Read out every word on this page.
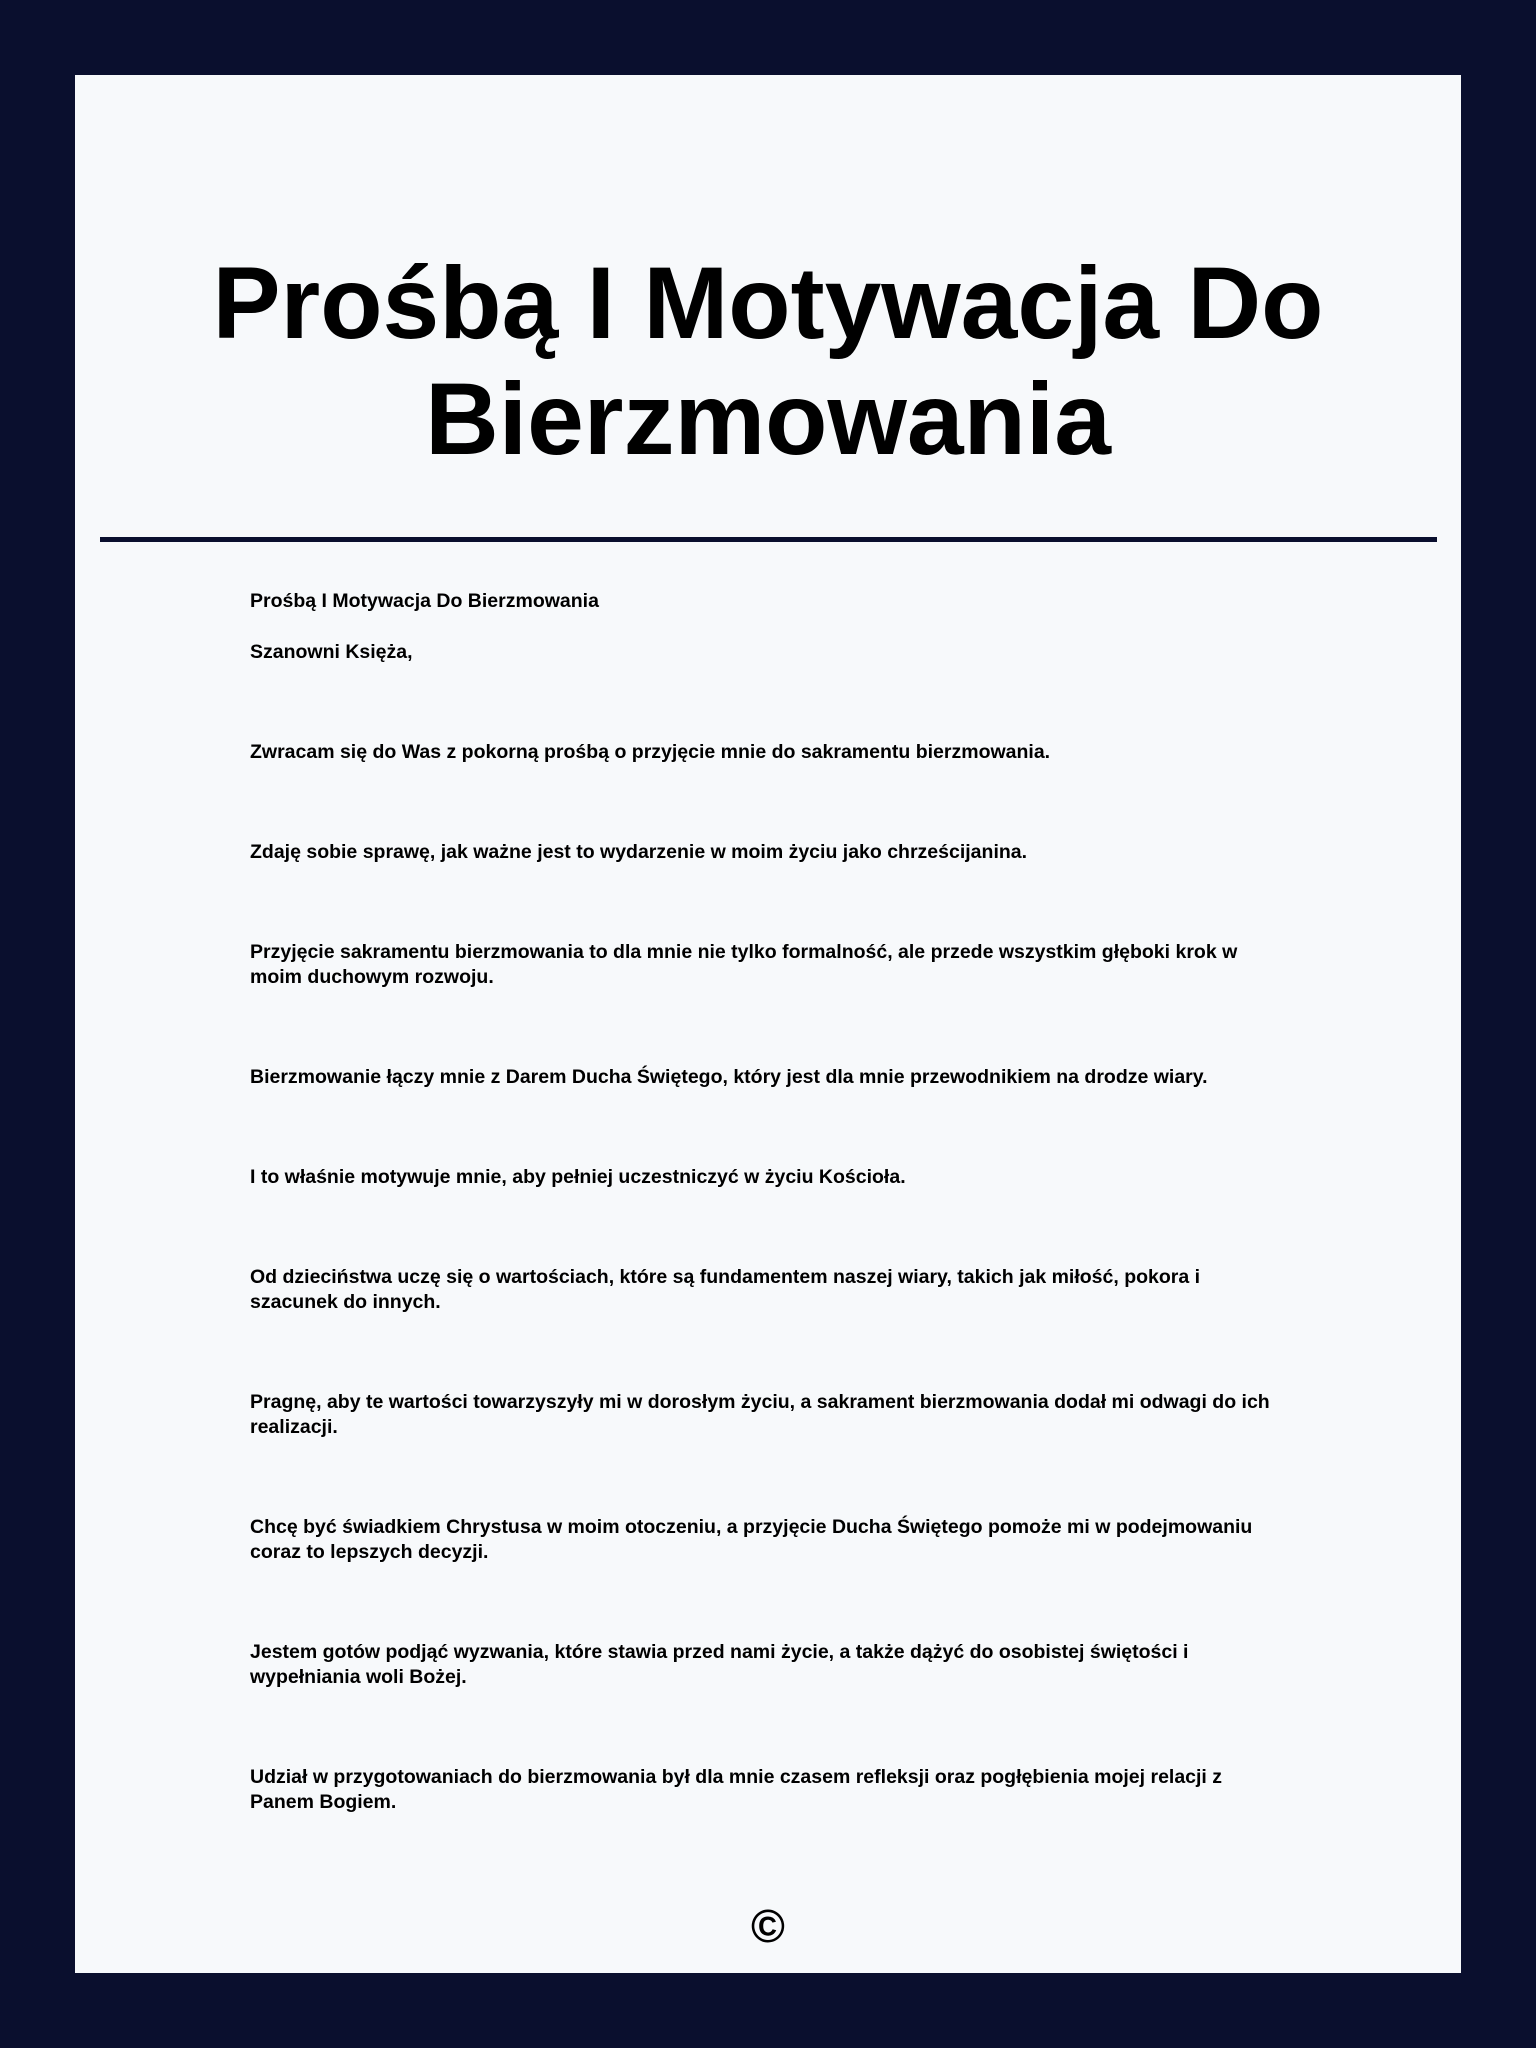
Prośbą I Motywacja Do Bierzmowania

Prośbą I Motywacja Do Bierzmowania

Szanowni Księża,

Zwracam się do Was z pokorną prośbą o przyjęcie mnie do sakramentu bierzmowania.

Zdaję sobie sprawę, jak ważne jest to wydarzenie w moim życiu jako chrześcijanina.

Przyjęcie sakramentu bierzmowania to dla mnie nie tylko formalność, ale przede wszystkim głęboki krok w moim duchowym rozwoju.

Bierzmowanie łączy mnie z Darem Ducha Świętego, który jest dla mnie przewodnikiem na drodze wiary.

I to właśnie motywuje mnie, aby pełniej uczestniczyć w życiu Kościoła.

Od dzieciństwa uczę się o wartościach, które są fundamentem naszej wiary, takich jak miłość, pokora i szacunek do innych.

Pragnę, aby te wartości towarzyszyły mi w dorosłym życiu, a sakrament bierzmowania dodał mi odwagi do ich realizacji.

Chcę być świadkiem Chrystusa w moim otoczeniu, a przyjęcie Ducha Świętego pomoże mi w podejmowaniu coraz to lepszych decyzji.

Jestem gotów podjąć wyzwania, które stawia przed nami życie, a także dążyć do osobistej świętości i wypełniania woli Bożej.

Udział w przygotowaniach do bierzmowania był dla mnie czasem refleksji oraz pogłębienia mojej relacji z Panem Bogiem.

©
